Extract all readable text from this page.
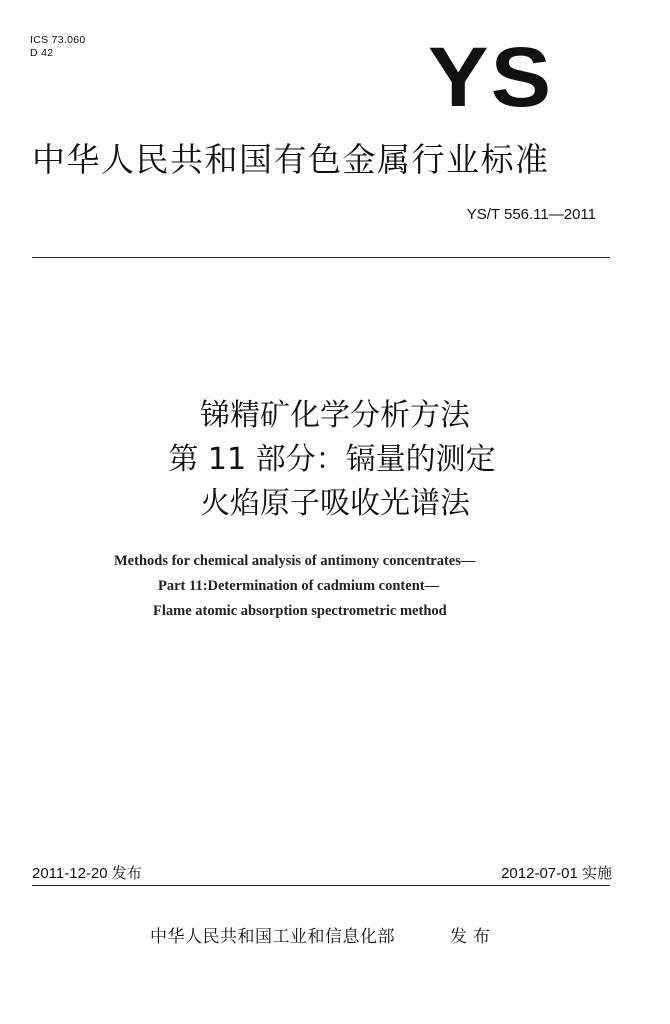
ICS 73.060
D 42	YS
中华人民共和国有色金属行业标准
YS/T 556.11—2011
锑精矿化学分析方法
第 11 部分：镉量的测定
火焰原子吸收光谱法
Methods for chemical analysis of antimony concentrates—
Part 11:Determination of cadmium content—
Flame atomic absorption spectrometric method
2011-12-20 发布	2012-07-01 实施
中华人民共和国工业和信息化部	发布
